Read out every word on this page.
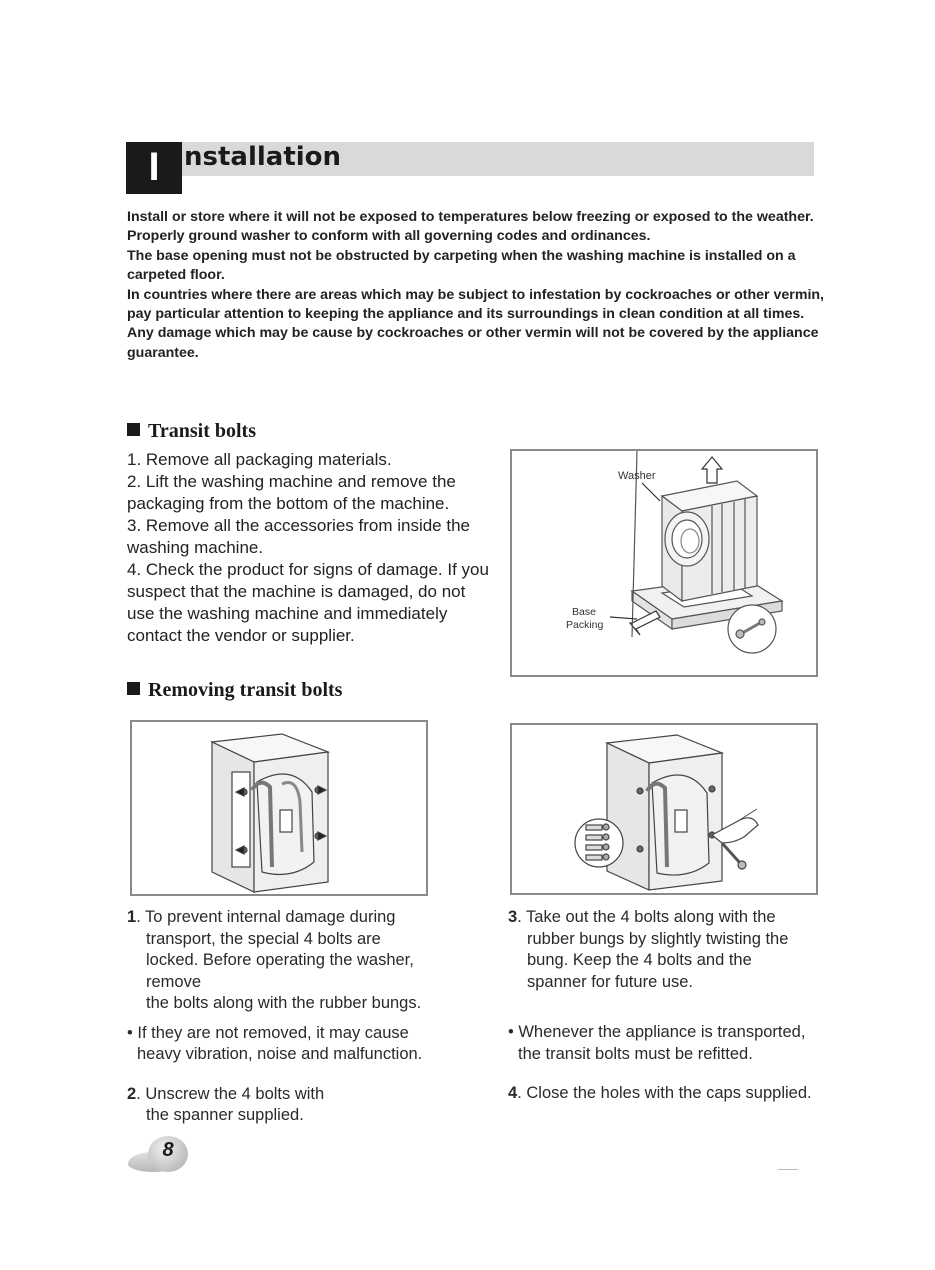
I nstallation

Install or store where it will not be exposed to temperatures below freezing or exposed to the weather.

Properly ground washer to conform with all governing codes and ordinances.

The base opening must not be obstructed by carpeting when the washing machine is installed on a carpeted floor.

In countries where there are areas which may be subject to infestation by cockroaches or other vermin, pay particular attention to keeping the appliance and its surroundings in clean condition at all times.

Any damage which may be cause by cockroaches or other vermin will not be covered by the appliance guarantee.

Transit bolts

1. Remove all packaging materials.

2. Lift the washing machine and remove the packaging from the bottom of the machine.

3. Remove all the accessories from inside the washing machine.

4. Check the product for signs of damage. If you suspect that the machine is damaged, do not use the washing machine and immediately contact the vendor or supplier.

Washer
Base
Packing
Removing transit bolts

1. To prevent internal damage during

transport, the special 4 bolts are

locked. Before operating the washer,

remove

the bolts along with the rubber bungs.

• If they are not removed, it may cause

heavy vibration, noise and malfunction.

2. Unscrew the 4 bolts with

the spanner supplied.

3. Take out the 4 bolts along with the

rubber bungs by slightly twisting the

bung. Keep the 4 bolts and the

spanner for future use.

• Whenever the appliance is transported,

the transit bolts must be refitted.

4. Close the holes with the caps supplied.

8
